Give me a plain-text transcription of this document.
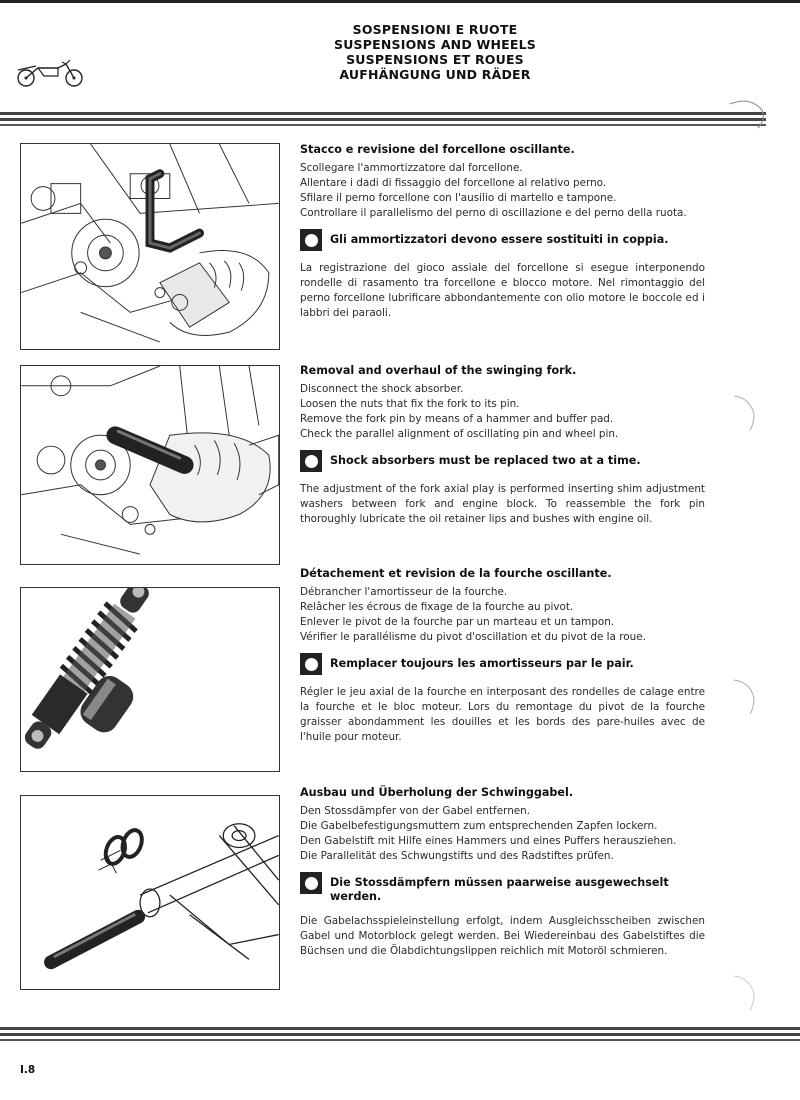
SOSPENSIONI E RUOTE
SUSPENSIONS AND WHEELS
SUSPENSIONS ET ROUES
AUFHÄNGUNG UND RÄDER
Stacco e revisione del forcellone oscillante.
Scollegare l'ammortizzatore dal forcellone.
Allentare i dadi di fissaggio del forcellone al relativo perno.
Sfilare il perno forcellone con l'ausilio di martello e tampone.
Controllare il parallelismo del perno di oscillazione e del perno della ruota.
Gli ammortizzatori devono essere sostituiti in coppia.
La registrazione del gioco assiale del forcellone si esegue interponendo rondelle di rasamento tra forcellone e blocco motore. Nel rimontaggio del perno forcellone lubrificare abbondantemente con olio motore le boccole ed i labbri dei paraoli.
Removal and overhaul of the swinging fork.
Disconnect the shock absorber.
Loosen the nuts that fix the fork to its pin.
Remove the fork pin by means of a hammer and buffer pad.
Check the parallel alignment of oscillating pin and wheel pin.
Shock absorbers must be replaced two at a time.
The adjustment of the fork axial play is performed inserting shim adjustment washers between fork and engine block. To reassemble the fork pin thoroughly lubricate the oil retainer lips and bushes with engine oil.
Détachement et revision de la fourche oscillante.
Débrancher l'amortisseur de la fourche.
Relâcher les écrous de fixage de la fourche au pivot.
Enlever le pivot de la fourche par un marteau et un tampon.
Vérifier le parallélisme du pivot d'oscillation et du pivot de la roue.
Remplacer toujours les amortisseurs par le pair.
Régler le jeu axial de la fourche en interposant des rondelles de calage entre la fourche et le bloc moteur. Lors du remontage du pivot de la fourche graisser abondamment les douilles et les bords des pare-huiles avec de l'huile pour moteur.
Ausbau und Überholung der Schwinggabel.
Den Stossdämpfer von der Gabel entfernen.
Die Gabelbefestigungsmuttern zum entsprechenden Zapfen lockern.
Den Gabelstift mit Hilfe eines Hammers und eines Puffers herausziehen.
Die Parallelität des Schwungstifts und des Radstiftes prüfen.
Die Stossdämpfern müssen paarweise ausgewechselt werden.
Die Gabelachsspieleinstellung erfolgt, indem Ausgleichsscheiben zwischen Gabel und Motorblock gelegt werden. Bei Wiedereinbau des Gabelstiftes die Büchsen und die Ölabdichtungslippen reichlich mit Motoröl schmieren.
I.8
